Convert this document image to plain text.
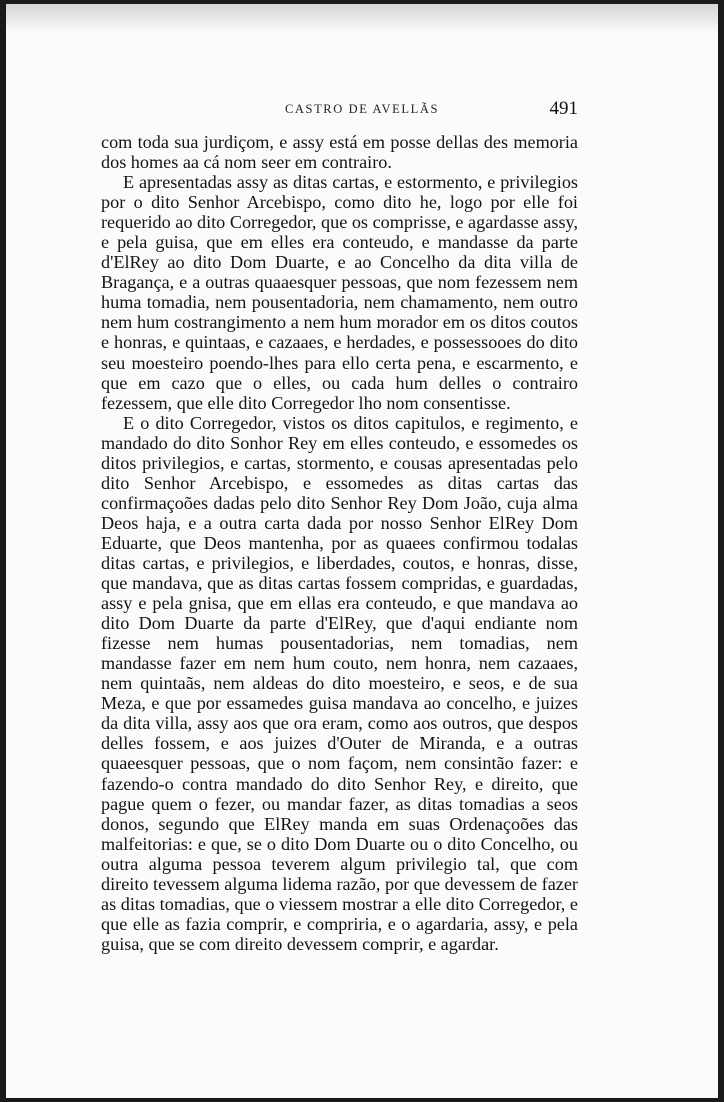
CASTRO DE AVELLÃS	491

com toda sua jurdiçom, e assy está em posse dellas des memoria dos homes aa cá nom seer em contrairo.

E apresentadas assy as ditas cartas, e estormento, e privilegios por o dito Senhor Arcebispo, como dito he, logo por elle foi requerido ao dito Corregedor, que os comprisse, e agardasse assy, e pela guisa, que em elles era conteudo, e mandasse da parte d'ElRey ao dito Dom Duarte, e ao Concelho da dita villa de Bragança, e a outras quaaesquer pessoas, que nom fezessem nem huma tomadia, nem pousentadoria, nem chamamento, nem outro nem hum costrangimento a nem hum morador em os ditos coutos e honras, e quintaas, e cazaaes, e herdades, e possessooes do dito seu moesteiro poendo-lhes para ello certa pena, e escarmento, e que em cazo que o elles, ou cada hum delles o contrairo fezessem, que elle dito Corregedor lho nom consentisse.

E o dito Corregedor, vistos os ditos capitulos, e regimento, e mandado do dito Sonhor Rey em elles conteudo, e essomedes os ditos privilegios, e cartas, stormento, e cousas apresentadas pelo dito Senhor Arcebispo, e essomedes as ditas cartas das confirmaçoões dadas pelo dito Senhor Rey Dom João, cuja alma Deos haja, e a outra carta dada por nosso Senhor ElRey Dom Eduarte, que Deos mantenha, por as quaees confirmou todalas ditas cartas, e privilegios, e liberdades, coutos, e honras, disse, que mandava, que as ditas cartas fossem compridas, e guardadas, assy e pela gnisa, que em ellas era conteudo, e que mandava ao dito Dom Duarte da parte d'ElRey, que d'aqui endiante nom fizesse nem humas pousentadorias, nem tomadias, nem mandasse fazer em nem hum couto, nem honra, nem cazaaes, nem quintaãs, nem aldeas do dito moesteiro, e seos, e de sua Meza, e que por essamedes guisa mandava ao concelho, e juizes da dita villa, assy aos que ora eram, como aos outros, que despos delles fossem, e aos juizes d'Outer de Miranda, e a outras quaeesquer pessoas, que o nom façom, nem consintão fazer: e fazendo-o contra mandado do dito Senhor Rey, e direito, que pague quem o fezer, ou mandar fazer, as ditas tomadias a seos donos, segundo que ElRey manda em suas Ordenaçoões das malfeitorias: e que, se o dito Dom Duarte ou o dito Concelho, ou outra alguma pessoa teverem algum privilegio tal, que com direito tevessem alguma lidema razão, por que devessem de fazer as ditas tomadias, que o viessem mostrar a elle dito Corregedor, e que elle as fazia comprir, e compriria, e o agardaria, assy, e pela guisa, que se com direito devessem comprir, e agardar.
